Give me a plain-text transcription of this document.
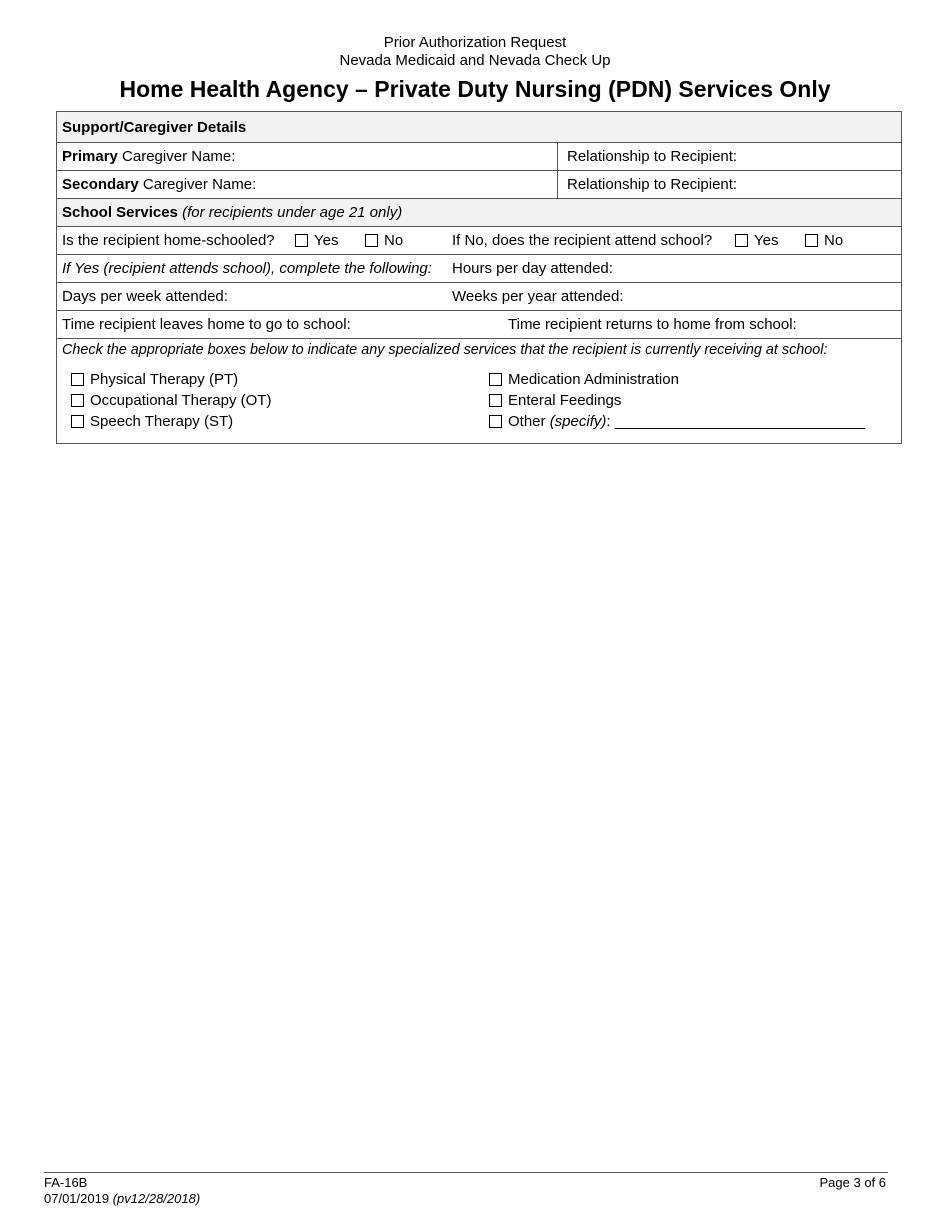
Prior Authorization Request
Nevada Medicaid and Nevada Check Up
Home Health Agency – Private Duty Nursing (PDN) Services Only
Support/Caregiver Details
Primary Caregiver Name:	Relationship to Recipient:
Secondary Caregiver Name:	Relationship to Recipient:
School Services (for recipients under age 21 only)
Is the recipient home-schooled?	Yes	No	If No, does the recipient attend school?	Yes	No
If Yes (recipient attends school), complete the following: Hours per day attended:
Days per week attended:	Weeks per year attended:
Time recipient leaves home to go to school:	Time recipient returns to home from school:
Check the appropriate boxes below to indicate any specialized services that the recipient is currently receiving at school:
Physical Therapy (PT)
Occupational Therapy (OT)
Speech Therapy (ST)
Medication Administration
Enteral Feedings
Other (specify): ______________________________
FA-16B
07/01/2019 (pv12/28/2018)
Page 3 of 6
